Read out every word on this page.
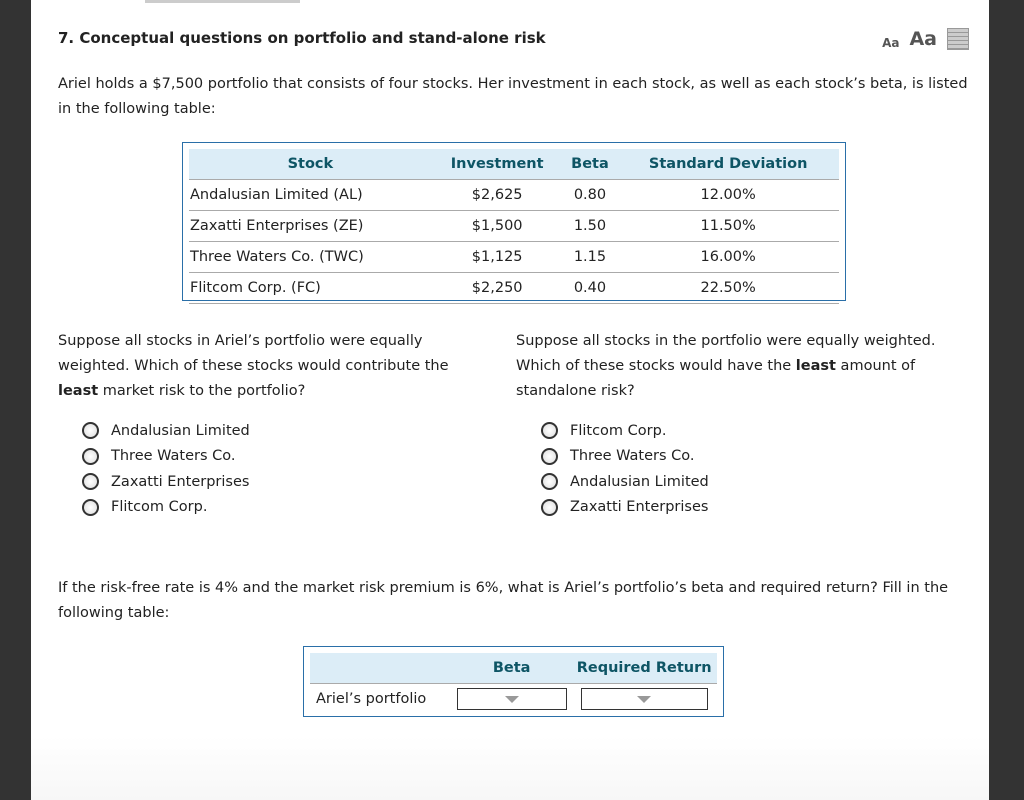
7. Conceptual questions on portfolio and stand-alone risk	Aa Aa
Ariel holds a $7,500 portfolio that consists of four stocks. Her investment in each stock, as well as each stock’s beta, is listed in the following table:
Stock	Investment	Beta	Standard Deviation
Andalusian Limited (AL)	$2,625	0.80	12.00%
Zaxatti Enterprises (ZE)	$1,500	1.50	11.50%
Three Waters Co. (TWC)	$1,125	1.15	16.00%
Flitcom Corp. (FC)	$2,250	0.40	22.50%
Suppose all stocks in Ariel’s portfolio were equally weighted. Which of these stocks would contribute the least market risk to the portfolio?
Suppose all stocks in the portfolio were equally weighted. Which of these stocks would have the least amount of standalone risk?
Andalusian Limited
Three Waters Co.
Zaxatti Enterprises
Flitcom Corp.
Flitcom Corp.
Three Waters Co.
Andalusian Limited
Zaxatti Enterprises
If the risk-free rate is 4% and the market risk premium is 6%, what is Ariel’s portfolio’s beta and required return? Fill in the following table:
	Beta	Required Return
Ariel’s portfolio	
